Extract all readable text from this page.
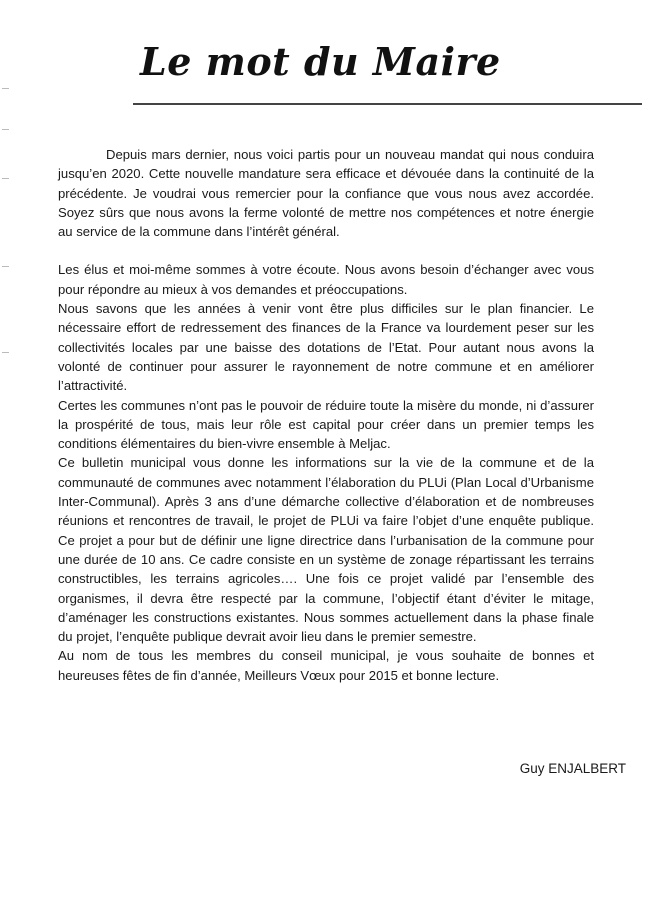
Le mot du Maire

Depuis mars dernier, nous voici partis pour un nouveau mandat qui nous conduira jusqu’en 2020. Cette nouvelle mandature sera efficace et dévouée dans la continuité de la précédente. Je voudrai vous remercier pour la confiance que vous nous avez accordée. Soyez sûrs que nous avons la ferme volonté de mettre nos compétences et notre énergie au service de la commune dans l’intérêt général.

Les élus et moi-même sommes à votre écoute. Nous avons besoin d’échanger avec vous pour répondre au mieux à vos demandes et préoccupations.

Nous savons que les années à venir vont être plus difficiles sur le plan financier. Le nécessaire effort de redressement des finances de la France va lourdement peser sur les collectivités locales par une baisse des dotations de l’Etat. Pour autant nous avons la volonté de continuer pour assurer le rayonnement de notre commune et en améliorer l’attractivité.

Certes les communes n’ont pas le pouvoir de réduire toute la misère du monde, ni d’assurer la prospérité de tous, mais leur rôle est capital pour créer dans un premier temps les conditions élémentaires du bien-vivre ensemble à Meljac.

Ce bulletin municipal vous donne les informations sur la vie de la commune et de la communauté de communes avec notamment l’élaboration du PLUi (Plan Local d’Urbanisme Inter-Communal). Après 3 ans d’une démarche collective d’élaboration et de nombreuses réunions et rencontres de travail, le projet de PLUi va faire l’objet d’une enquête publique. Ce projet a pour but de définir une ligne directrice dans l’urbanisation de la commune pour une durée de 10 ans. Ce cadre consiste en un système de zonage répartissant les terrains constructibles, les terrains agricoles…. Une fois ce projet validé par l’ensemble des organismes, il devra être respecté par la commune, l’objectif étant d’éviter le mitage, d’aménager les constructions existantes. Nous sommes actuellement dans la phase finale du projet, l’enquête publique devrait avoir lieu dans le premier semestre.

Au nom de tous les membres du conseil municipal, je vous souhaite de bonnes et heureuses fêtes de fin d’année, Meilleurs Vœux pour 2015 et bonne lecture.

Guy ENJALBERT
